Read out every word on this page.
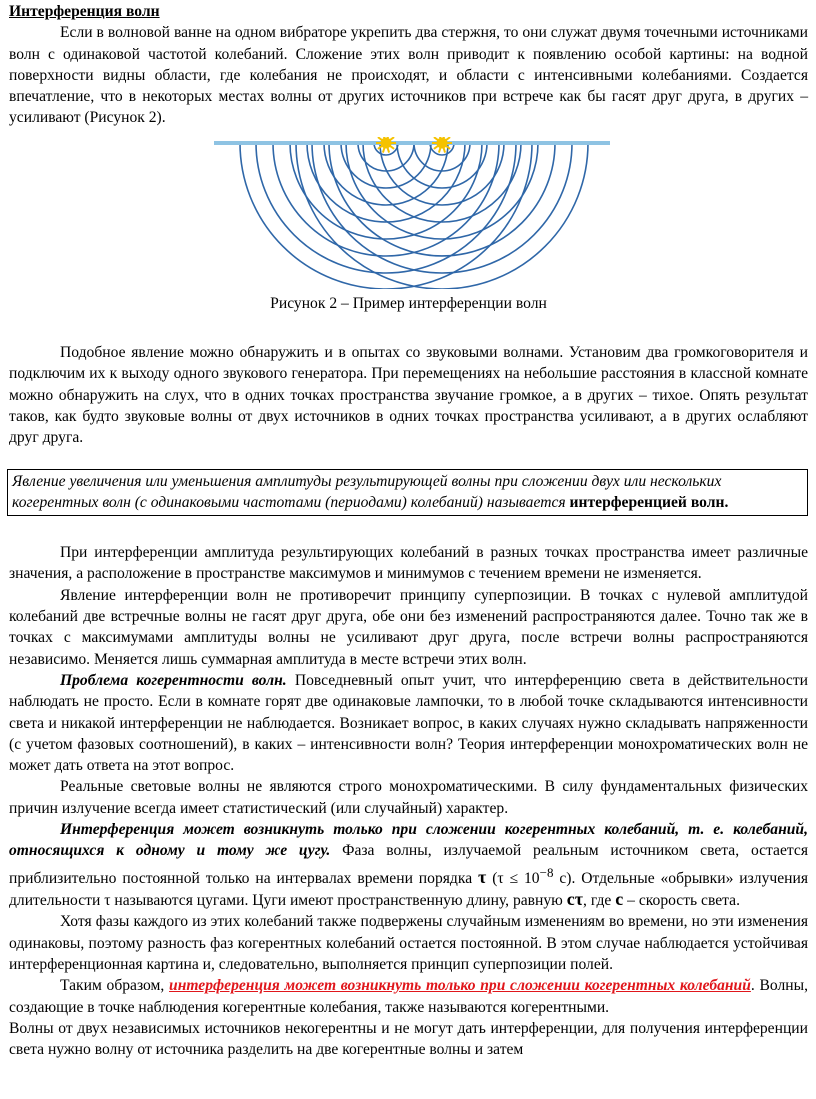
Интерференция волн

Если в волновой ванне на одном вибраторе укрепить два стержня, то они служат двумя точечными источниками волн с одинаковой частотой колебаний. Сложение этих волн приводит к появлению особой картины: на водной поверхности видны области, где колебания не происходят, и области с интенсивными колебаниями. Создается впечатление, что в некоторых местах волны от других источников при встрече как бы гасят друг друга, в других – усиливают (Рисунок 2).

Рисунок 2 – Пример интерференции волн

Подобное явление можно обнаружить и в опытах со звуковыми волнами. Установим два громкоговорителя и подключим их к выходу одного звукового генератора. При перемещениях на небольшие расстояния в классной комнате можно обнаружить на слух, что в одних точках пространства звучание громкое, а в других – тихое. Опять результат таков, как будто звуковые волны от двух источников в одних точках пространства усиливают, а в других ослабляют друг друга.

Явление увеличения или уменьшения амплитуды результирующей волны при сложении двух или нескольких когерентных волн (с одинаковыми частотами (периодами) колебаний) называется интерференцией волн.

При интерференции амплитуда результирующих колебаний в разных точках пространства имеет различные значения, а расположение в пространстве максимумов и минимумов с течением времени не изменяется.

Явление интерференции волн не противоречит принципу суперпозиции. В точках с нулевой амплитудой колебаний две встречные волны не гасят друг друга, обе они без изменений распространяются далее. Точно так же в точках с максимумами амплитуды волны не усиливают друг друга, после встречи волны распространяются независимо. Меняется лишь суммарная амплитуда в месте встречи этих волн.

Проблема когерентности волн. Повседневный опыт учит, что интерференцию света в действительности наблюдать не просто. Если в комнате горят две одинаковые лампочки, то в любой точке складываются интенсивности света и никакой интерференции не наблюдается. Возникает вопрос, в каких случаях нужно складывать напряженности (с учетом фазовых соотношений), в каких – интенсивности волн? Теория интерференции монохроматических волн не может дать ответа на этот вопрос.

Реальные световые волны не являются строго монохроматическими. В силу фундаментальных физических причин излучение всегда имеет статистический (или случайный) характер.

Интерференция может возникнуть только при сложении когерентных колебаний, т. е. колебаний, относящихся к одному и тому же цугу. Фаза волны, излучаемой реальным источником света, остается приблизительно постоянной только на интервалах времени порядка τ ($\tau \le 10^{-8}$ с). Отдельные «обрывки» излучения длительности τ называются цугами. Цуги имеют пространственную длину, равную cτ, где c – скорость света.

Хотя фазы каждого из этих колебаний также подвержены случайным изменениям во времени, но эти изменения одинаковы, поэтому разность фаз когерентных колебаний остается постоянной. В этом случае наблюдается устойчивая интерференционная картина и, следовательно, выполняется принцип суперпозиции полей.

Таким образом, интерференция может возникнуть только при сложении когерентных колебаний. Волны, создающие в точке наблюдения когерентные колебания, также называются когерентными.

Волны от двух независимых источников некогерентны и не могут дать интерференции, для получения интерференции света нужно волну от источника разделить на две когерентные волны и затем
